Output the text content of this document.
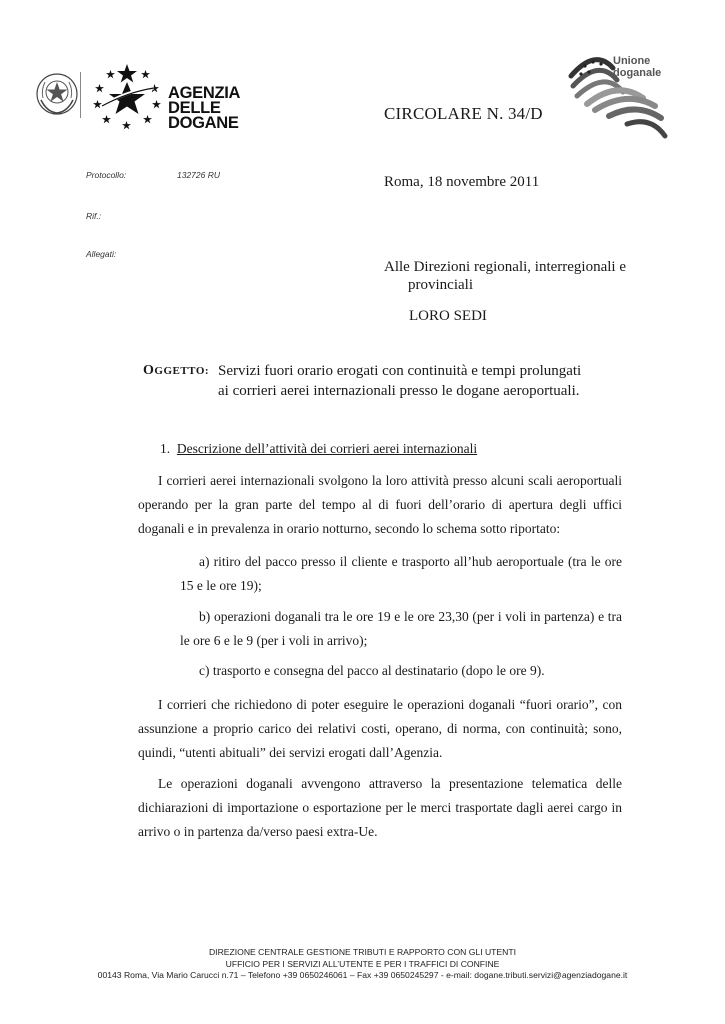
AGENZIA
DELLE
DOGANE
Unione
doganale
CIRCOLARE N. 34/D
Protocollo:	132726 RU
Rif.:
Allegati:
Roma, 18 novembre 2011
Alle Direzioni regionali, interregionali e
provinciali
LORO SEDI
OGGETTO: Servizi fuori orario erogati con continuità e tempi prolungati
ai corrieri aerei internazionali presso le dogane aeroportuali.
1. Descrizione dell’attività dei corrieri aerei internazionali
I corrieri aerei internazionali svolgono la loro attività presso alcuni scali aeroportuali operando per la gran parte del tempo al di fuori dell’orario di apertura degli uffici doganali e in prevalenza in orario notturno, secondo lo schema sotto riportato:
a) ritiro del pacco presso il cliente e trasporto all’hub aeroportuale (tra le ore 15 e le ore 19);
b) operazioni doganali tra le ore 19 e le ore 23,30 (per i voli in partenza) e tra le ore 6 e le 9 (per i voli in arrivo);
c) trasporto e consegna del pacco al destinatario (dopo le ore 9).
I corrieri che richiedono di poter eseguire le operazioni doganali “fuori orario”, con assunzione a proprio carico dei relativi costi, operano, di norma, con continuità; sono, quindi, “utenti abituali” dei servizi erogati dall’Agenzia.
Le operazioni doganali avvengono attraverso la presentazione telematica delle dichiarazioni di importazione o esportazione per le merci trasportate dagli aerei cargo in arrivo o in partenza da/verso paesi extra-Ue.
DIREZIONE CENTRALE GESTIONE TRIBUTI E RAPPORTO CON GLI UTENTI
UFFICIO PER I SERVIZI ALL’UTENTE E PER I TRAFFICI DI CONFINE
00143 Roma, Via Mario Carucci n.71 – Telefono +39 0650246061 – Fax +39 0650245297 - e-mail: dogane.tributi.servizi@agenziadogane.it
